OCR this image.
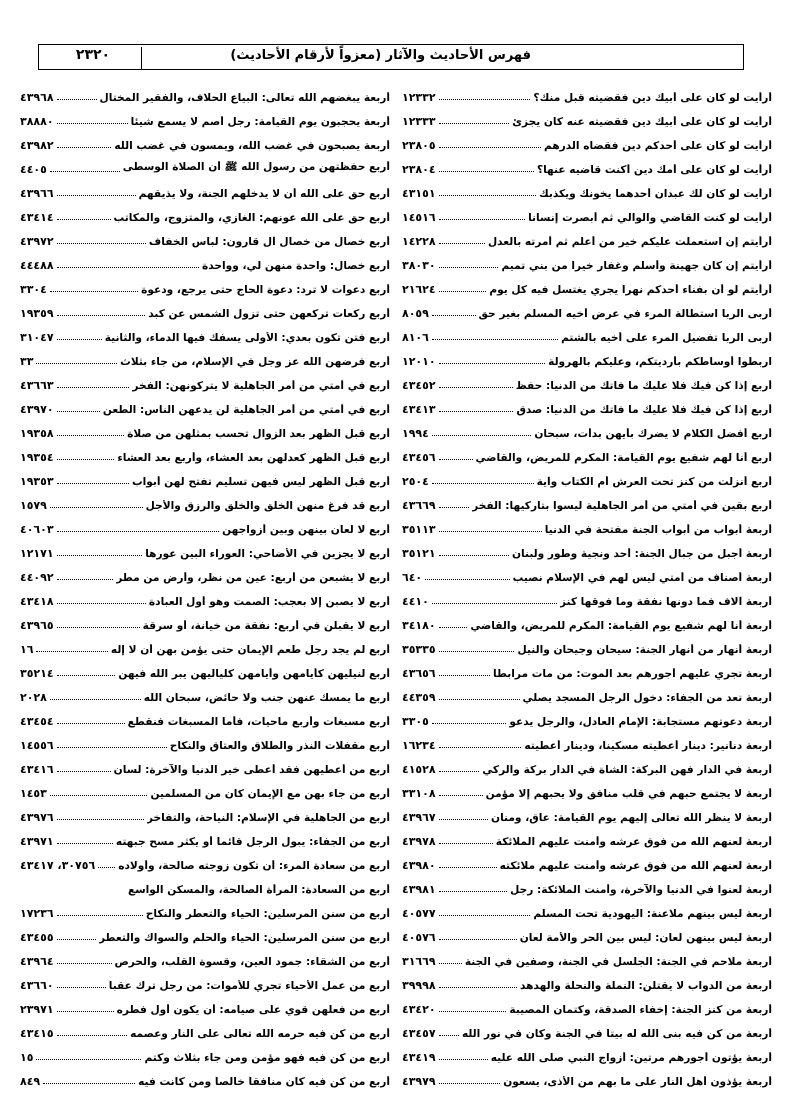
فهرس الأحاديث والآثار (معزواً لأرقام الأحاديث)
٢٣٢٠
أرأيت لو كان على أبيك دين فقضيته قبل منك؟
١٢٣٣٢
أرأيت لو كان على أبيك دين فقضيته عنه كان يجزئ
١٢٣٣٣
أرأيت لو كان على أحدكم دين فقضاه الدرهم
٢٣٨٠٥
أرأيت لو كان على أمك دين أكنت قاضيه عنها؟
٢٣٨٠٤
أرأيت لو كان لك عبدان أحدهما يخونك ويكذبك
٤٣١٥١
أرأيت لو كنت القاضي والوالي ثم أبصرت إنساناً
١٤٥١٦
أرأيتم إن استعملت عليكم خير من أعلم ثم أمرته بالعدل
١٤٢٢٨
أرأيتم إن كان جهينة وأسلم وغفار خيراً من بني تميم
٣٨٠٣٠
أرأيتم لو أن بفناء أحدكم نهراً يجري يغتسل فيه كل يوم
٢١٦٢٤
أربى الربا استطالة المرء في عرض أخيه المسلم بغير حق
٨٠٥٩
أربى الربا تفضيل المرء على أخيه بالشتم
٨١٠٦
اربطوا أوساطكم بأرديتكم، وعليكم بالهرولة
١٢٠١٠
أربع إذا كن فيك فلا عليك ما فاتك من الدنيا: حفظ
٤٣٤٥٢
أربع إذا كن فيك فلا عليك ما فاتك من الدنيا: صدق
٤٣٤١٣
أربع أفضل الكلام لا يضرك بأيهن بدأت، سبحان
١٩٩٤
أربع أنا لهم شفيع يوم القيامة: المكرم للمريض، والقاضي
٤٣٤٥٦
أربع أنزلت من كنز تحت العرش أم الكتاب وآية
٢٥٠٤
أربع بقين في أمتي من أمر الجاهلية ليسوا بتاركيها: الفخر
٤٣٦٦٩
أربعة أبواب من أبواب الجنة مفتحة في الدنيا
٣٥١١٣
أربعة أجبل من جبال الجنة: أحد ونجية وطور ولبنان
٣٥١٢١
أربعة أصناف من أمتي ليس لهم في الإسلام نصيب
٦٤٠
أربعة آلاف فما دونها نفقة وما فوقها كنز
٤٤١٠
أربعة أنا لهم شفيع يوم القيامة: المكرم للمريض، والقاضي
٣٤١٨٠
أربعة أنهار من أنهار الجنة: سيحان وجيحان والنيل
٣٥٣٣٥
أربعة تجري عليهم أجورهم بعد الموت: من مات مرابطاً
٤٣٦٥٦
أربعة تعد من الجفاء: دخول الرجل المسجد يصلي
٤٤٣٥٩
أربعة دعوتهم مستجابة: الإمام العادل، والرجل يدعو
٣٣٠٥
أربعة دنانير: دينار أعطيته مسكيناً، ودينار أعطيته
١٦٢٣٤
أربعة في الدار فهن البركة: الشاة في الدار بركة والركي
٤١٥٢٨
أربعة لا يجتمع حبهم في قلب منافق ولا يحبهم إلا مؤمن
٣٣١٠٨
أربعة لا ينظر الله تعالى إليهم يوم القيامة: عاق، ومنان
٤٣٩٦٧
أربعة لعنهم الله من فوق عرشه وأمنت عليهم الملائكة
٤٣٩٧٨
أربعة لعنهم الله من فوق عرشه وأمنت عليهم ملائكته
٤٣٩٨٠
أربعة لعنوا في الدنيا والآخرة، وأمنت الملائكة: رجل
٤٣٩٨١
أربعة ليس بينهم ملاعنة: اليهودية تحت المسلم
٤٠٥٧٧
أربعة ليس بينهن لعان: ليس بين الحر والأمة لعان
٤٠٥٧٦
أربعة ملاحم في الجنة: الجلسل في الجنة، وصفين في الجنة
٣١٦٦٩
أربعة من الدواب لا يقتلن: النملة والنحلة والهدهد
٣٩٩٩٨
أربعة من كنز الجنة: إخفاء الصدقة، وكتمان المصيبة
٤٣٤٢٠
أربعة من كن فيه بنى الله له بيتاً في الجنة وكان في نور الله
٤٣٤٥٧
أربعة يؤتون أجورهم مرتين: أزواج النبي صلى الله عليه
٤٣٤١٩
أربعة يؤذون أهل النار على ما بهم من الأذى، يسعون
٤٣٩٧٩
أربعة يبغضهم الله تعالى: البياع الحلاف، والفقير المختال
٤٣٩٦٨
أربعة يحجبون يوم القيامة: رجل أصم لا يسمع شيئاً
٣٨٨٨٠
أربعة يصبحون في غضب الله، ويمسون في غضب الله
٤٣٩٨٢
أربع حفظتهن من رسول الله ﷺ أن الصلاة الوسطى
٤٤٠٥
أربع حق على الله أن لا يدخلهم الجنة، ولا يذيقهم
٤٣٩٦٦
أربع حق على الله عونهم: الغازي، والمتزوج، والمكاتب
٤٣٤١٤
أربع خصال من خصال آل قارون: لباس الخفاف
٤٣٩٧٢
أربع خصال: واحدة منهن لي، وواحدة
٤٤٤٨٨
أربع دعوات لا ترد: دعوة الحاج حتى يرجع، ودعوة
٣٣٠٤
أربع ركعات تركعهن حتى تزول الشمس عن كبد
١٩٣٥٩
أربع فتن تكون بعدي: الأولى يسفك فيها الدماء، والثانية
٣١٠٤٧
أربع فرضهن الله عز وجل في الإسلام، من جاء بثلاث
٣٣
أربع في أمتي من أمر الجاهلية لا يتركونهن: الفخر
٤٣٦٦٣
أربع في أمتي من أمر الجاهلية لن يدعهن الناس: الطعن
٤٣٩٧٠
أربع قبل الظهر بعد الزوال تحسب بمثلهن من صلاة
١٩٣٥٨
أربع قبل الظهر كعدلهن بعد العشاء، وأربع بعد العشاء
١٩٣٥٤
أربع قبل الظهر ليس فيهن تسليم تفتح لهن أبواب
١٩٣٥٣
أربع قد فرغ منهن الخلق والخلق والرزق والأجل
١٥٧٩
أربع لا لعان بينهن وبين أزواجهن
٤٠٦٠٣
أربع لا يجزين في الأضاحي: العوراء البين عورها
١٢١٧١
أربع لا يشبعن من أربع: عين من نظر، وأرض من مطر
٤٤٠٩٢
أربع لا يصبن إلا بعجب: الصمت وهو أول العبادة
٤٣٤١٨
أربع لا يقبلن في أربع: نفقة من خيانة، أو سرقة
٤٣٩٦٥
أربع لم يجد رجل طعم الإيمان حتى يؤمن بهن أن لا إله
١٦
أربع لنيليهن كأيامهن وأيامهن كلياليهن يبر الله فيهن
٣٥٢١٤
أربع ما يمسك عنهن جنب ولا حائض، سبحان الله
٢٠٢٨
أربع مسبغات وأربع ماحيات، فأما المسبغات فنقطع
٤٣٤٥٤
أربع مقفلات النذر والطلاق والعتاق والنكاح
١٤٥٥٦
أربع من أعطيهن فقد أعطى خير الدنيا والآخرة: لسان
٤٣٤١٦
أربع من جاء بهن مع الإيمان كان من المسلمين
١٤٥٣
أربع من الجاهلية في الإسلام: النياحة، والتفاخر
٤٣٩٧٦
أربع من الجفاء: يبول الرجل قائماً أو يكثر مسح جبهته
٤٣٩٧١
أربع من سعادة المرء: أن تكون زوجته صالحة، وأولاده
٣٠٧٥٦، ٤٣٤١٧
أربع من السعادة: المرأة الصالحة، والمسكن الواسع
أربع من سنن المرسلين: الحياء والتعطر والنكاح
١٧٢٣٦
أربع من سنن المرسلين: الحياء والحلم والسواك والتعطر
٤٣٤٥٥
أربع من الشقاء: جمود العين، وقسوة القلب، والحرص
٤٣٩٦٤
أربع من عمل الأحياء تجري للأموات: من رجل ترك عقباً
٤٣٦٦٠
أربع من فعلهن قوي على صيامه: أن يكون أول فطره
٢٣٩٧١
أربع من كن فيه حرمه الله تعالى على النار وعصمه
٤٣٤١٥
أربع من كن فيه فهو مؤمن ومن جاء بثلاث وكتم
١٥
أربع من كن فيه كان منافقاً خالصاً ومن كانت فيه
٨٤٩
